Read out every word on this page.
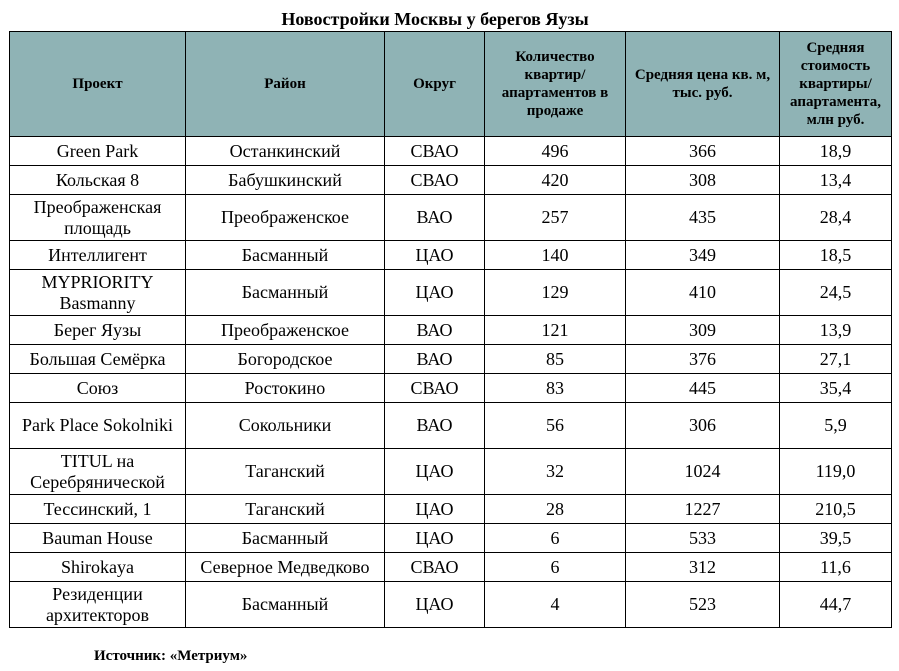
Новостройки Москвы у берегов Яузы
Проект	Район	Округ	Количество квартир/ апартаментов в продаже	Средняя цена кв. м, тыс. руб.	Средняя стоимость квартиры/ апартамента, млн руб.
Green Park	Останкинский	СВАО	496	366	18,9
Кольская 8	Бабушкинский	СВАО	420	308	13,4
Преображенская площадь	Преображенское	ВАО	257	435	28,4
Интеллигент	Басманный	ЦАО	140	349	18,5
MYPRIORITY Basmanny	Басманный	ЦАО	129	410	24,5
Берег Яузы	Преображенское	ВАО	121	309	13,9
Большая Семёрка	Богородское	ВАО	85	376	27,1
Союз	Ростокино	СВАО	83	445	35,4
Park Place Sokolniki	Сокольники	ВАО	56	306	5,9
TITUL на Серебрянической	Таганский	ЦАО	32	1024	119,0
Тессинский, 1	Таганский	ЦАО	28	1227	210,5
Bauman House	Басманный	ЦАО	6	533	39,5
Shirokaya	Северное Медведково	СВАО	6	312	11,6
Резиденции архитекторов	Басманный	ЦАО	4	523	44,7
Источник: «Метриум»
